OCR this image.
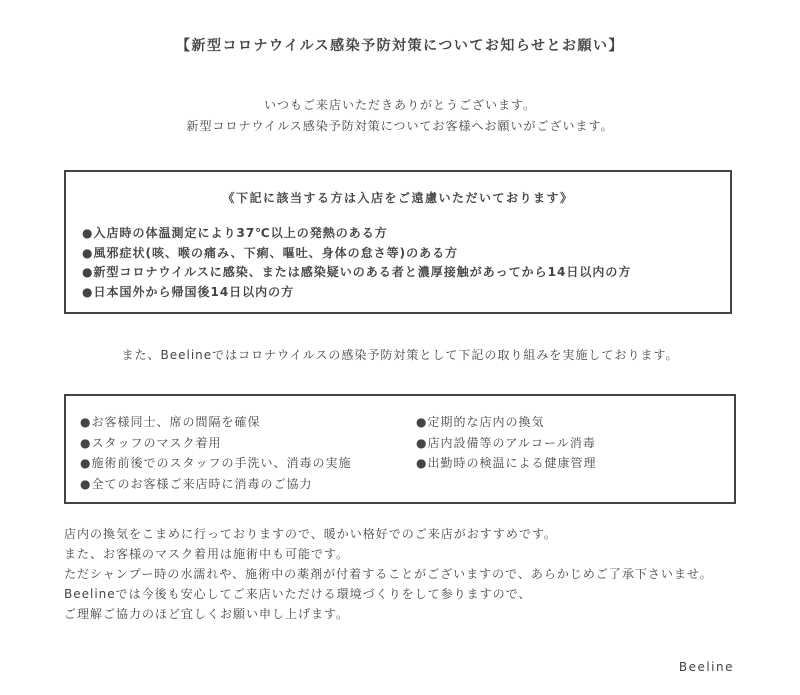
【新型コロナウイルス感染予防対策についてお知らせとお願い】
いつもご来店いただきありがとうございます。
新型コロナウイルス感染予防対策についてお客様へお願いがございます。
《下記に該当する方は入店をご遠慮いただいております》
●入店時の体温測定により37℃以上の発熱のある方
●風邪症状(咳、喉の痛み、下痢、嘔吐、身体の怠さ等)のある方
●新型コロナウイルスに感染、または感染疑いのある者と濃厚接触があってから14日以内の方
●日本国外から帰国後14日以内の方
また、Beelineではコロナウイルスの感染予防対策として下記の取り組みを実施しております。
●お客様同士、席の間隔を確保
●スタッフのマスク着用
●施術前後でのスタッフの手洗い、消毒の実施
●全てのお客様ご来店時に消毒のご協力
●定期的な店内の換気
●店内設備等のアルコール消毒
●出勤時の検温による健康管理
店内の換気をこまめに行っておりますので、暖かい格好でのご来店がおすすめです。
また、お客様のマスク着用は施術中も可能です。
ただシャンプー時の水濡れや、施術中の薬剤が付着することがございますので、あらかじめご了承下さいませ。
Beelineでは今後も安心してご来店いただける環境づくりをして参りますので、
ご理解ご協力のほど宜しくお願い申し上げます。
Beeline
